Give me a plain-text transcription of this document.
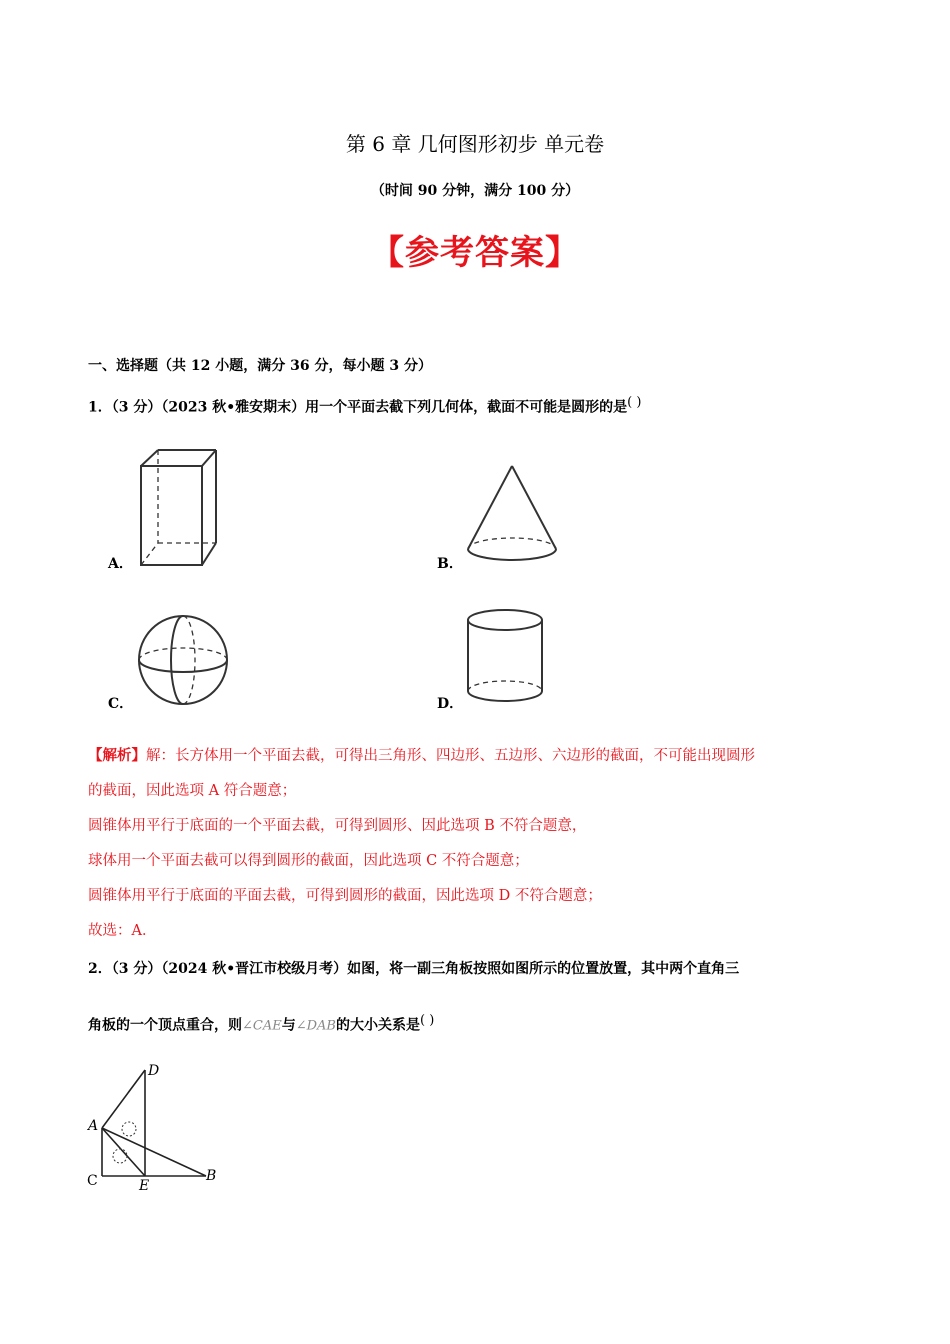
第 6 章 几何图形初步 单元卷
（时间 90 分钟，满分 100 分）
【参考答案】
一、选择题（共 12 小题，满分 36 分，每小题 3 分）
1．（3 分）（2023 秋•雅安期末）用一个平面去截下列几何体，截面不可能是圆形的是( )
A．	B．
C．	D．
【解析】解：长方体用一个平面去截，可得出三角形、四边形、五边形、六边形的截面，不可能出现圆形
的截面，因此选项 A 符合题意；
圆锥体用平行于底面的一个平面去截，可得到圆形、因此选项 B 不符合题意，
球体用一个平面去截可以得到圆形的截面，因此选项 C 不符合题意；
圆锥体用平行于底面的平面去截，可得到圆形的截面，因此选项 D 不符合题意；
故选：A．
2．（3 分）（2024 秋•晋江市校级月考）如图，将一副三角板按照如图所示的位置放置，其中两个直角三
角板的一个顶点重合，则∠CAE与∠DAB的大小关系是( )
D
A
C	E
B
